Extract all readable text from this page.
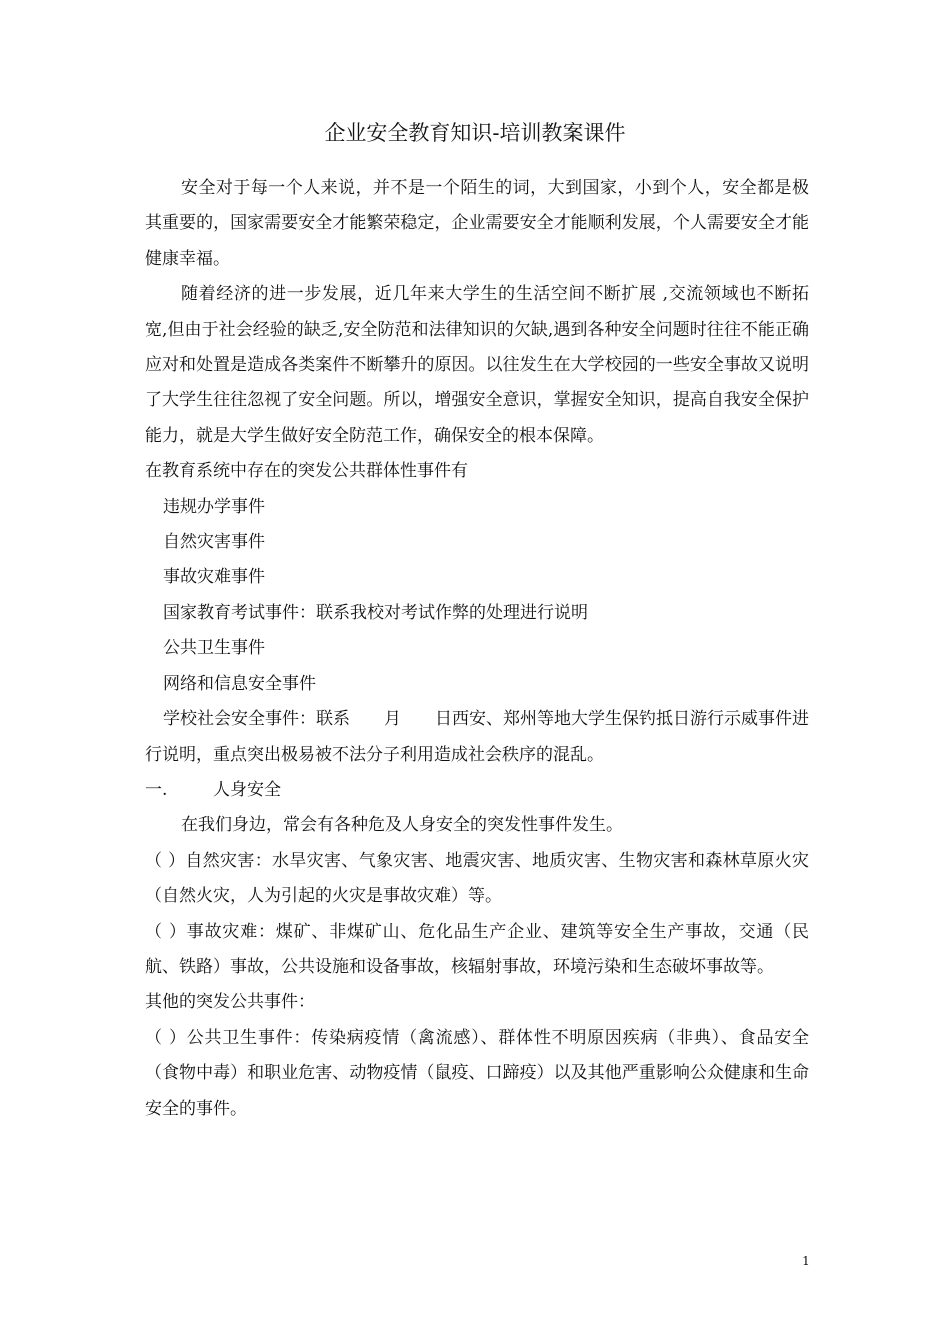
企业安全教育知识-培训教案课件

安全对于每一个人来说，并不是一个陌生的词，大到国家，小到个人，安全都是极其重要的，国家需要安全才能繁荣稳定，企业需要安全才能顺利发展，个人需要安全才能健康幸福。

随着经济的进一步发展，近几年来大学生的生活空间不断扩展 ,交流领域也不断拓宽,但由于社会经验的缺乏,安全防范和法律知识的欠缺,遇到各种安全问题时往往不能正确应对和处置是造成各类案件不断攀升的原因。以往发生在大学校园的一些安全事故又说明了大学生往往忽视了安全问题。所以，增强安全意识，掌握安全知识，提高自我安全保护能力，就是大学生做好安全防范工作，确保安全的根本保障。

在教育系统中存在的突发公共群体性事件有

违规办学事件

自然灾害事件

事故灾难事件

国家教育考试事件：联系我校对考试作弊的处理进行说明

公共卫生事件

网络和信息安全事件

学校社会安全事件：联系　　月　　日西安、郑州等地大学生保钓抵日游行示威事件进行说明，重点突出极易被不法分子利用造成社会秩序的混乱。

一.	人身安全

在我们身边，常会有各种危及人身安全的突发性事件发生。

（ ）自然灾害：水旱灾害、气象灾害、地震灾害、地质灾害、生物灾害和森林草原火灾（自然火灾，人为引起的火灾是事故灾难）等。

（ ）事故灾难：煤矿、非煤矿山、危化品生产企业、建筑等安全生产事故，交通（民航、铁路）事故，公共设施和设备事故，核辐射事故，环境污染和生态破坏事故等。

其他的突发公共事件：

（ ）公共卫生事件：传染病疫情（禽流感）、群体性不明原因疾病（非典）、食品安全（食物中毒）和职业危害、动物疫情（鼠疫、口蹄疫）以及其他严重影响公众健康和生命安全的事件。

1
